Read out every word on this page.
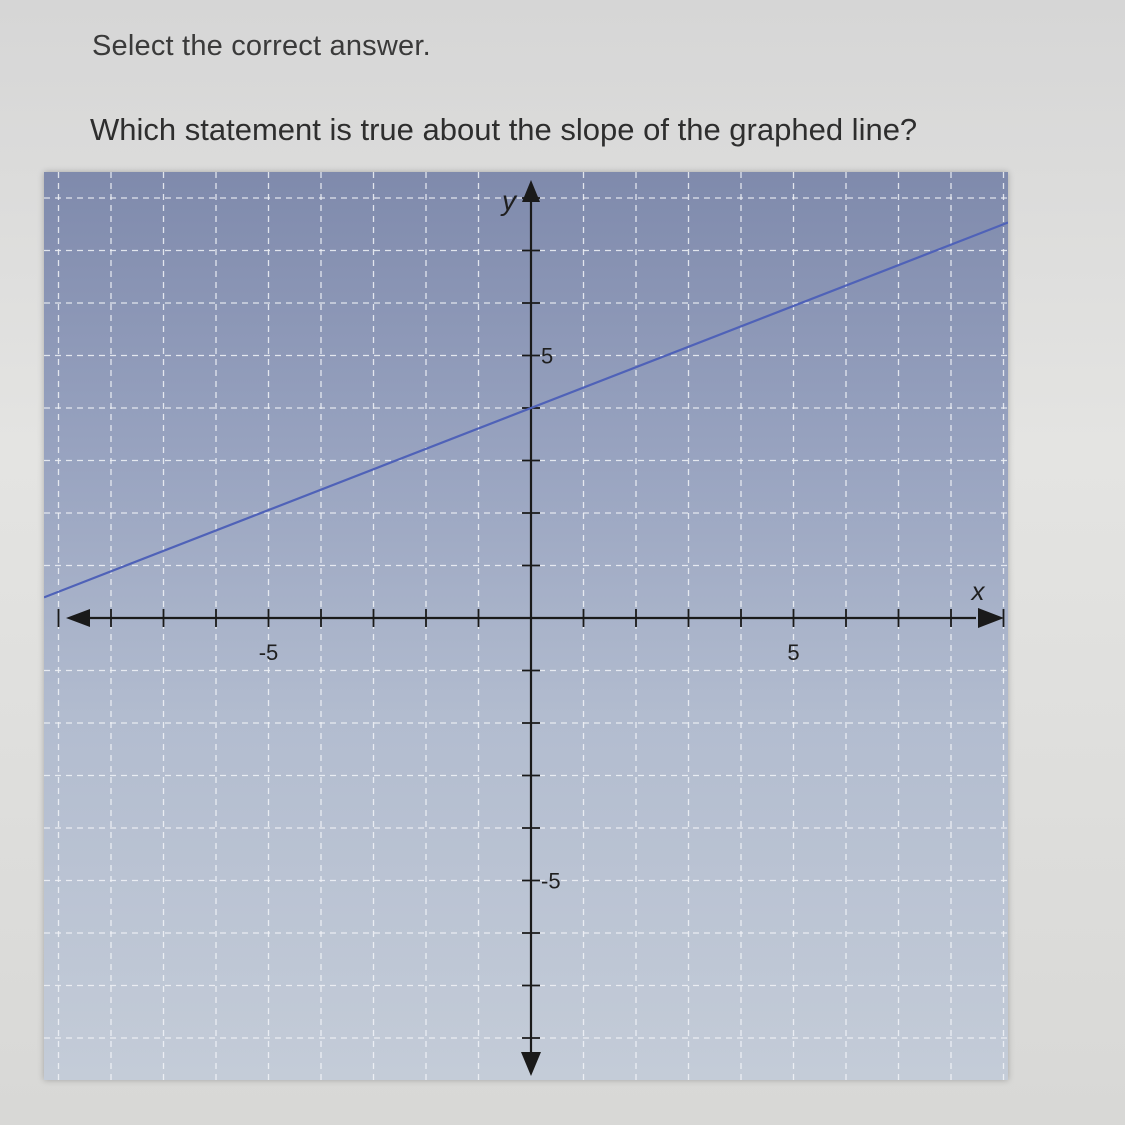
Select the correct answer.
Which statement is true about the slope of the graphed line?
-5	5
5
-5
x
y
